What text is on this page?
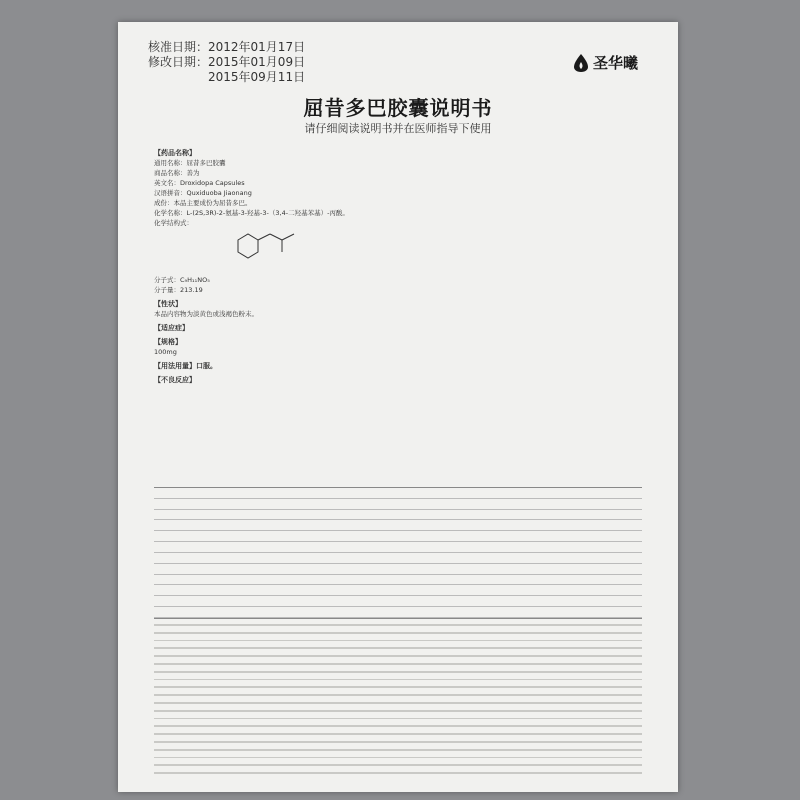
核准日期：2012年01月17日
修改日期：2015年01月09日
2015年09月11日
圣华曦
屈昔多巴胶囊说明书
请仔细阅读说明书并在医师指导下使用
【药品名称】
通用名称：屈昔多巴胶囊
商品名称：善为
英文名：Droxidopa Capsules
汉语拼音：Quxiduoba Jiaonang
成份：本品主要成份为屈昔多巴。
化学名称：L-(2S,3R)-2-氨基-3-羟基-3-（3,4-二羟基苯基）-丙酸。
化学结构式：
分子式：C₉H₁₁NO₅
分子量：213.19
【性状】
本品内容物为淡黄色或浅褐色粉末。
【适应症】
【规格】
100mg
【用法用量】口服。
【不良反应】
